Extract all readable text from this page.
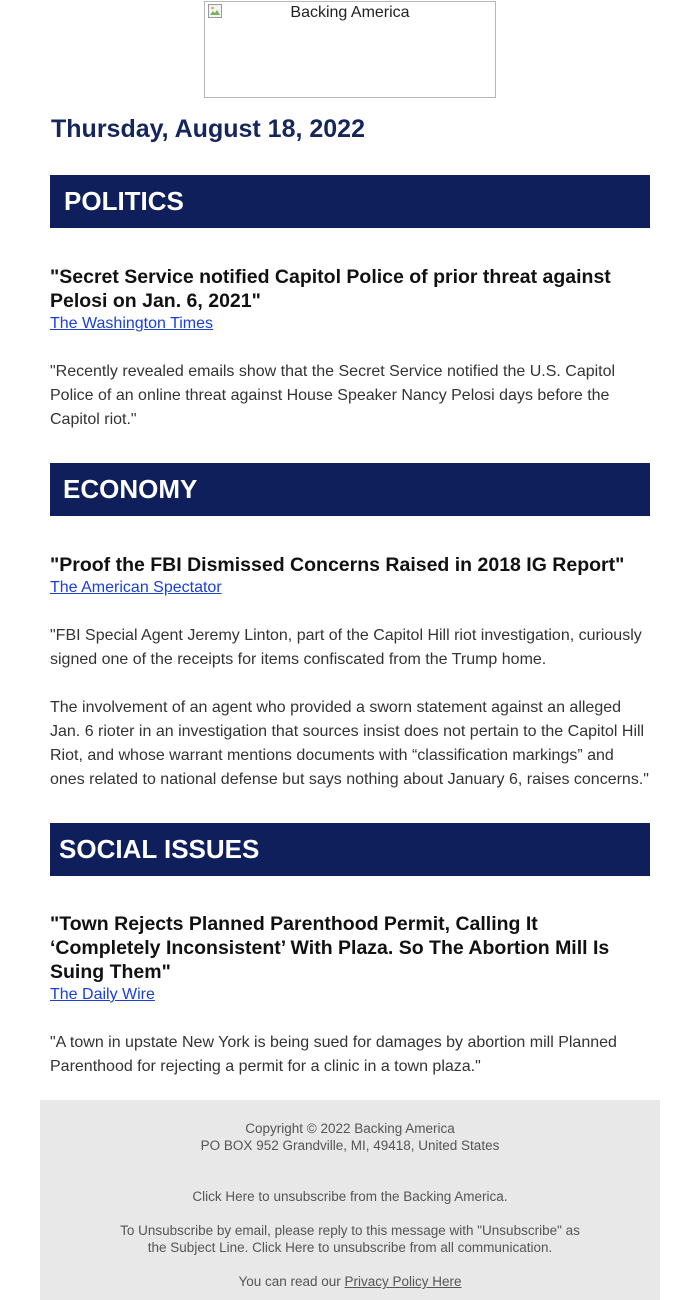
Backing America
Thursday, August 18, 2022
POLITICS
"Secret Service notified Capitol Police of prior threat against Pelosi on Jan. 6, 2021"
The Washington Times

"Recently revealed emails show that the Secret Service notified the U.S. Capitol Police of an online threat against House Speaker Nancy Pelosi days before the Capitol riot."

ECONOMY
"Proof the FBI Dismissed Concerns Raised in 2018 IG Report"
The American Spectator

"FBI Special Agent Jeremy Linton, part of the Capitol Hill riot investigation, curiously signed one of the receipts for items confiscated from the Trump home.

The involvement of an agent who provided a sworn statement against an alleged Jan. 6 rioter in an investigation that sources insist does not pertain to the Capitol Hill Riot, and whose warrant mentions documents with “classification markings” and ones related to national defense but says nothing about January 6, raises concerns."

SOCIAL ISSUES
"Town Rejects Planned Parenthood Permit, Calling It ‘Completely Inconsistent’ With Plaza. So The Abortion Mill Is Suing Them"
The Daily Wire

"A town in upstate New York is being sued for damages by abortion mill Planned Parenthood for rejecting a permit for a clinic in a town plaza."

Copyright © 2022 Backing America

PO BOX 952 Grandville, MI, 49418, United States

Click Here to unsubscribe from the Backing America.

To Unsubscribe by email, please reply to this message with "Unsubscribe" as

the Subject Line. Click Here to unsubscribe from all communication.

You can read our Privacy Policy Here
